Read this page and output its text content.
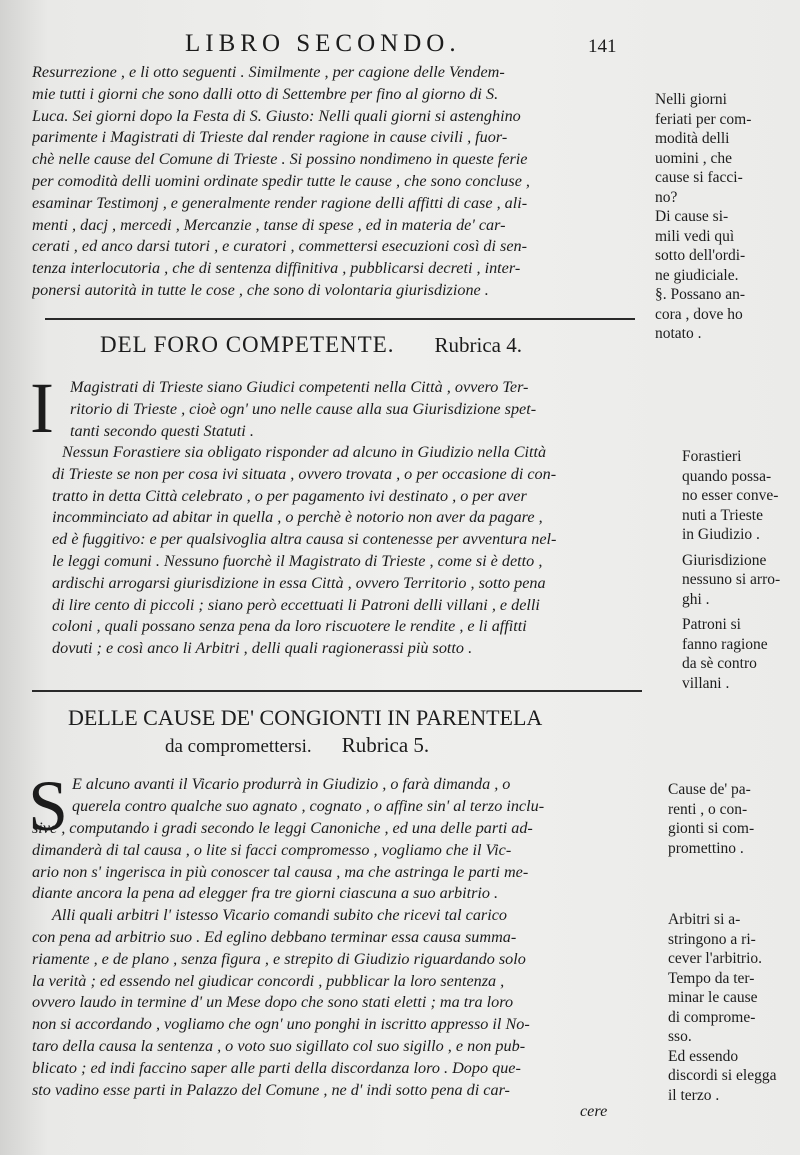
LIBRO SECONDO.	141
Resurrezione , e li otto seguenti . Similmente , per cagione delle Vendem-
mie tutti i giorni che sono dalli otto di Settembre per fino al giorno di S.
Luca. Sei giorni dopo la Festa di S. Giusto: Nelli quali giorni si astenghino
parimente i Magistrati di Trieste dal render ragione in cause civili , fuor-
chè nelle cause del Comune di Trieste . Si possino nondimeno in queste ferie
per comodità delli uomini ordinate spedir tutte le cause , che sono concluse ,
esaminar Testimonj , e generalmente render ragione delli affitti di case , ali-
menti , dacj , mercedi , Mercanzie , tanse di spese , ed in materia de' car-
cerati , ed anco darsi tutori , e curatori , commettersi esecuzioni così di sen-
tenza interlocutoria , che di sentenza diffinitiva , pubblicarsi decreti , inter-
ponersi autorità in tutte le cose , che sono di volontaria giurisdizione .
Nelli giorni
feriati per com-
modità delli
uomini , che
cause si facci-
no?
Di cause si-
mili vedi quì
sotto dell'ordi-
ne giudiciale.
§. Possano an-
cora , dove ho
notato .
DEL FORO COMPETENTE. Rubrica 4.
I Magistrati di Trieste siano Giudici competenti nella Città , ovvero Ter-
ritorio di Trieste , cioè ogn' uno nelle cause alla sua Giurisdizione spet-
tanti secondo questi Statuti .
Nessun Forastiere sia obligato risponder ad alcuno in Giudizio nella Città
di Trieste se non per cosa ivi situata , ovvero trovata , o per occasione di con-
tratto in detta Città celebrato , o per pagamento ivi destinato , o per aver
incomminciato ad abitar in quella , o perchè è notorio non aver da pagare ,
ed è fuggitivo: e per qualsivoglia altra causa si contenesse per avventura nel-
le leggi comuni . Nessuno fuorchè il Magistrato di Trieste , come si è detto ,
ardischi arrogarsi giurisdizione in essa Città , ovvero Territorio , sotto pena
di lire cento di piccoli ; siano però eccettuati li Patroni delli villani , e delli
coloni , quali possano senza pena da loro riscuotere le rendite , e li affitti
dovuti ; e così anco li Arbitri , delli quali ragionerassi più sotto .
Forastieri
quando possa-
no esser conve-
nuti a Trieste
in Giudizio .
Giurisdizione
nessuno si arro-
ghi .
Patroni si
fanno ragione
da sè contro
villani .
DELLE CAUSE DE' CONGIONTI IN PARENTELA
da compromettersi. Rubrica 5.
S E alcuno avanti il Vicario produrrà in Giudizio , o farà dimanda , o
querela contro qualche suo agnato , cognato , o affine sin' al terzo inclu-
sive , computando i gradi secondo le leggi Canoniche , ed una delle parti ad-
dimanderà di tal causa , o lite si facci compromesso , vogliamo che il Vic-
ario non s' ingerisca in più conoscer tal causa , ma che astringa le parti me-
diante ancora la pena ad elegger fra tre giorni ciascuna a suo arbitrio .
Alli quali arbitri l' istesso Vicario comandi subito che ricevi tal carico
con pena ad arbitrio suo . Ed eglino debbano terminar essa causa summa-
riamente , e de plano , senza figura , e strepito di Giudizio riguardando solo
la verità ; ed essendo nel giudicar concordi , pubblicar la loro sentenza ,
ovvero laudo in termine d' un Mese dopo che sono stati eletti ; ma tra loro
non si accordando , vogliamo che ogn' uno ponghi in iscritto appresso il No-
taro della causa la sentenza , o voto suo sigillato col suo sigillo , e non pub-
blicato ; ed indi faccino saper alle parti della discordanza loro . Dopo que-
sto vadino esse parti in Palazzo del Comune , ne d' indi sotto pena di car-
cere
Cause de' pa-
renti , o con-
gionti si com-
promettino .
Arbitri si a-
stringono a ri-
cever l'arbitrio.
Tempo da ter-
minar le cause
di comprome-
sso.
Ed essendo
discordi si elegga
il terzo .
